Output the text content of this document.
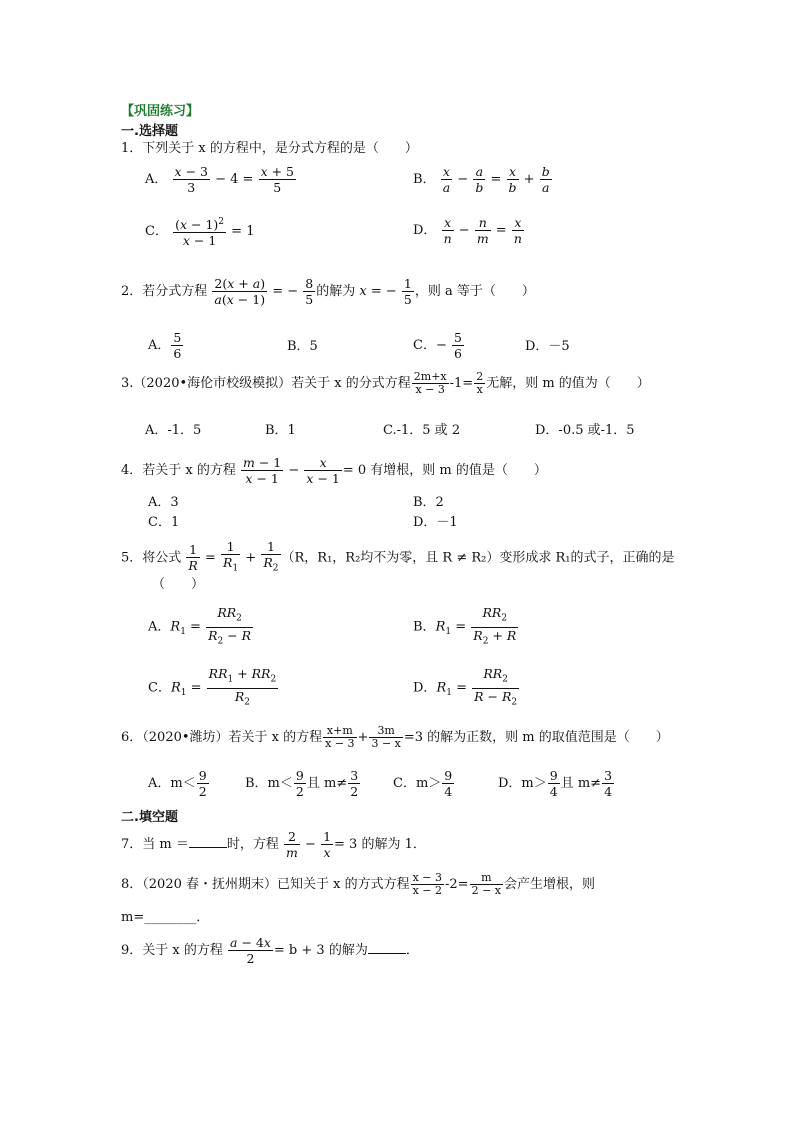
【巩固练习】
一.选择题
1．下列关于 x 的方程中，是分式方程的是（　　）
A． $\frac{x - 3}{3} - 4 = \frac{x + 5}{5}$	B． $\frac{x}{a} - \frac{a}{b} = \frac{x}{b} + \frac{b}{a}$
C． $\frac{(x - 1)^2}{x - 1} = 1$	D． $\frac{x}{n} - \frac{n}{m} = \frac{x}{n}$
2．若分式方程 $\frac{2(x + a)}{a(x - 1)}$ = − $\frac{8}{5}$ 的解为 x = − $\frac{1}{5}$ ，则 a 等于（　　）
A． $\frac{5}{6}$	B．5	C．− $\frac{5}{6}$	D．－5
3.（2020•海伦市校级模拟）若关于 x 的分式方程 $\frac{2m+x}{x - 3} -1= \frac{2}{x}$ 无解，则 m 的值为（　　）
A．-1．5	B．1	C.-1．5 或 2	D．-0.5 或-1．5
4．若关于 x 的方程 $\frac{m - 1}{x - 1} - \frac{x}{x - 1} = 0$ 有增根，则 m 的值是（　　）
A．3	B．2
C．1	D．－1
5．将公式 $\frac{1}{R} = \frac{1}{R_1} + \frac{1}{R_2} (R$，R₁，R₂均不为零，且 R ≠ R₂）变形成求 R₁的式子，正确的是
（　　）
A．$R_1 = \frac{RR_2}{R_2 - R}$	B．$R_1 = \frac{RR_2}{R_2 + R}$
C．$R_1 = \frac{RR_1 + RR_2}{R_2}$	D．$R_1 = \frac{RR_2}{R - R_2}$
6．（2020•潍坊）若关于 x 的方程 $\frac{x+m}{x - 3} + \frac{3m}{3 - x} =3$ 的解为正数，则 m 的取值范围是（　　）
A．$m< \frac{9}{2}$	B．$m< \frac{9}{2}$ 且 $m\ne \frac{3}{2}$	C．$m> \frac{9}{4}$	D．$m> \frac{9}{4}$ 且 $m\ne \frac{3}{4}$
二.填空题
7．当 m ＝	时，方程 $\frac{2}{m} - \frac{1}{x} = 3$ 的解为 1．
8．（2020 春・抚州期末）已知关于 x 的方式方程 $\frac{x - 3}{x - 2} -2= \frac{m}{2 - x}$ 会产生增根，则
m=________．
9．关于 x 的方程 $\frac{a - 4x}{2} = b + 3$ 的解为	．
